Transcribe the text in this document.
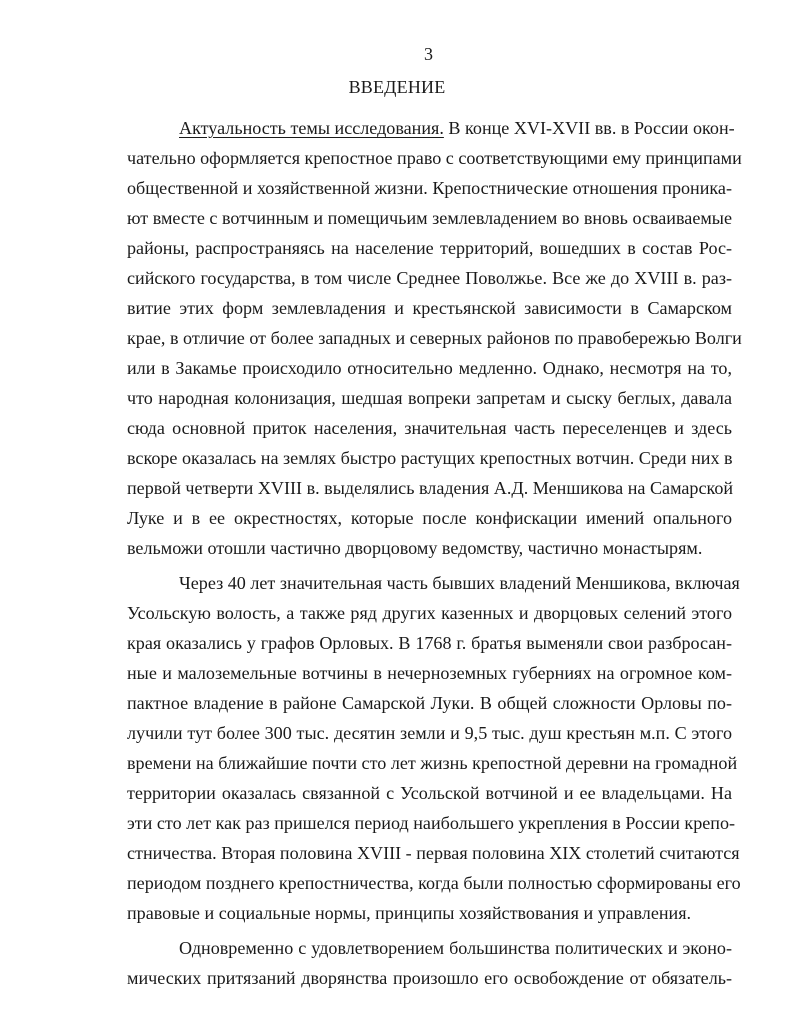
3
ВВЕДЕНИЕ
Актуальность темы исследования. В конце XVI-XVII вв. в России окон-
чательно оформляется крепостное право с соответствующими ему принципами
общественной и хозяйственной жизни. Крепостнические отношения проника-
ют вместе с вотчинным и помещичьим землевладением во вновь осваиваемые
районы, распространяясь на население территорий, вошедших в состав Рос-
сийского государства, в том числе Среднее Поволжье. Все же до XVIII в. раз-
витие этих форм землевладения и крестьянской зависимости в Самарском
крае, в отличие от более западных и северных районов по правобережью Волги
или в Закамье происходило относительно медленно. Однако, несмотря на то,
что народная колонизация, шедшая вопреки запретам и сыску беглых, давала
сюда основной приток населения, значительная часть переселенцев и здесь
вскоре оказалась на землях быстро растущих крепостных вотчин. Среди них в
первой четверти XVIII в. выделялись владения А.Д. Меншикова на Самарской
Луке и в ее окрестностях, которые после конфискации имений опального
вельможи отошли частично дворцовому ведомству, частично монастырям.
Через 40 лет значительная часть бывших владений Меншикова, включая
Усольскую волость, а также ряд других казенных и дворцовых селений этого
края оказались у графов Орловых. В 1768 г. братья выменяли свои разбросан-
ные и малоземельные вотчины в нечерноземных губерниях на огромное ком-
пактное владение в районе Самарской Луки. В общей сложности Орловы по-
лучили тут более 300 тыс. десятин земли и 9,5 тыс. душ крестьян м.п. С этого
времени на ближайшие почти сто лет жизнь крепостной деревни на громадной
территории оказалась связанной с Усольской вотчиной и ее владельцами. На
эти сто лет как раз пришелся период наибольшего укрепления в России крепо-
стничества. Вторая половина XVIII - первая половина XIX столетий считаются
периодом позднего крепостничества, когда были полностью сформированы его
правовые и социальные нормы, принципы хозяйствования и управления.
Одновременно с удовлетворением большинства политических и эконо-
мических притязаний дворянства произошло его освобождение от обязатель-
